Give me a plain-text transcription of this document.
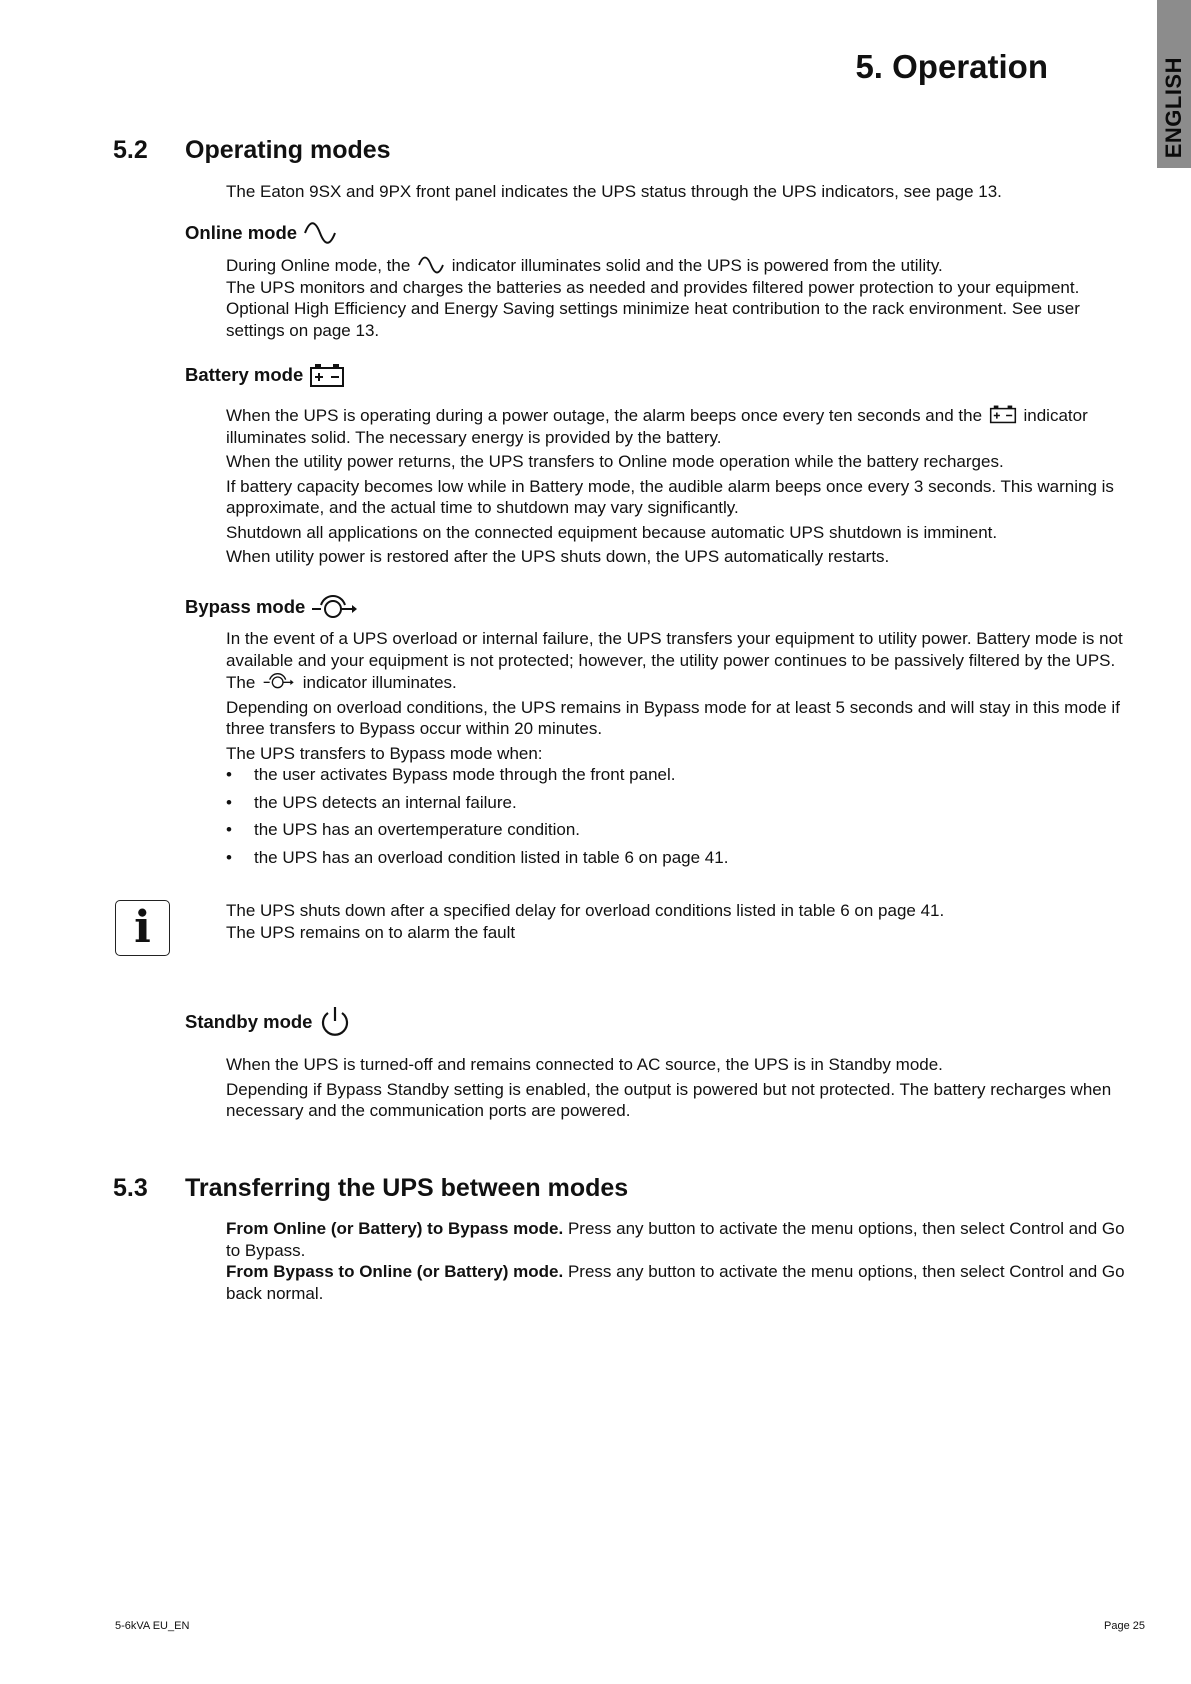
5. Operation	ENGLISH
5.2 Operating modes
The Eaton 9SX and 9PX front panel indicates the UPS status through the UPS indicators, see page 13.
Online mode

During Online mode, the indicator illuminates solid and the UPS is powered from the utility.

The UPS monitors and charges the batteries as needed and provides filtered power protection to your equipment. Optional High Efficiency and Energy Saving settings minimize heat contribution to the rack environment. See user settings on page 13.

Battery mode

When the UPS is operating during a power outage, the alarm beeps once every ten seconds and the indicator illuminates solid. The necessary energy is provided by the battery.

When the utility power returns, the UPS transfers to Online mode operation while the battery recharges.

If battery capacity becomes low while in Battery mode, the audible alarm beeps once every 3 seconds. This warning is approximate, and the actual time to shutdown may vary significantly.

Shutdown all applications on the connected equipment because automatic UPS shutdown is imminent.

When utility power is restored after the UPS shuts down, the UPS automatically restarts.

Bypass mode

In the event of a UPS overload or internal failure, the UPS transfers your equipment to utility power. Battery mode is not available and your equipment is not protected; however, the utility power continues to be passively filtered by the UPS. The	indicator illuminates.

Depending on overload conditions, the UPS remains in Bypass mode for at least 5 seconds and will stay in this mode if three transfers to Bypass occur within 20 minutes.

The UPS transfers to Bypass mode when:

•	the user activates Bypass mode through the front panel.

•	the UPS detects an internal failure.

•	the UPS has an overtemperature condition.

•	the UPS has an overload condition listed in table 6 on page 41.

i	The UPS shuts down after a specified delay for overload conditions listed in table 6 on page 41.

The UPS remains on to alarm the fault

Standby mode

When the UPS is turned-off and remains connected to AC source, the UPS is in Standby mode.

Depending if Bypass Standby setting is enabled, the output is powered but not protected. The battery recharges when necessary and the communication ports are powered.

5.3 Transferring the UPS between modes

From Online (or Battery) to Bypass mode. Press any button to activate the menu options, then select Control and Go to Bypass.

From Bypass to Online (or Battery) mode. Press any button to activate the menu options, then select Control and Go back normal.

5-6kVA EU_EN	Page 25
